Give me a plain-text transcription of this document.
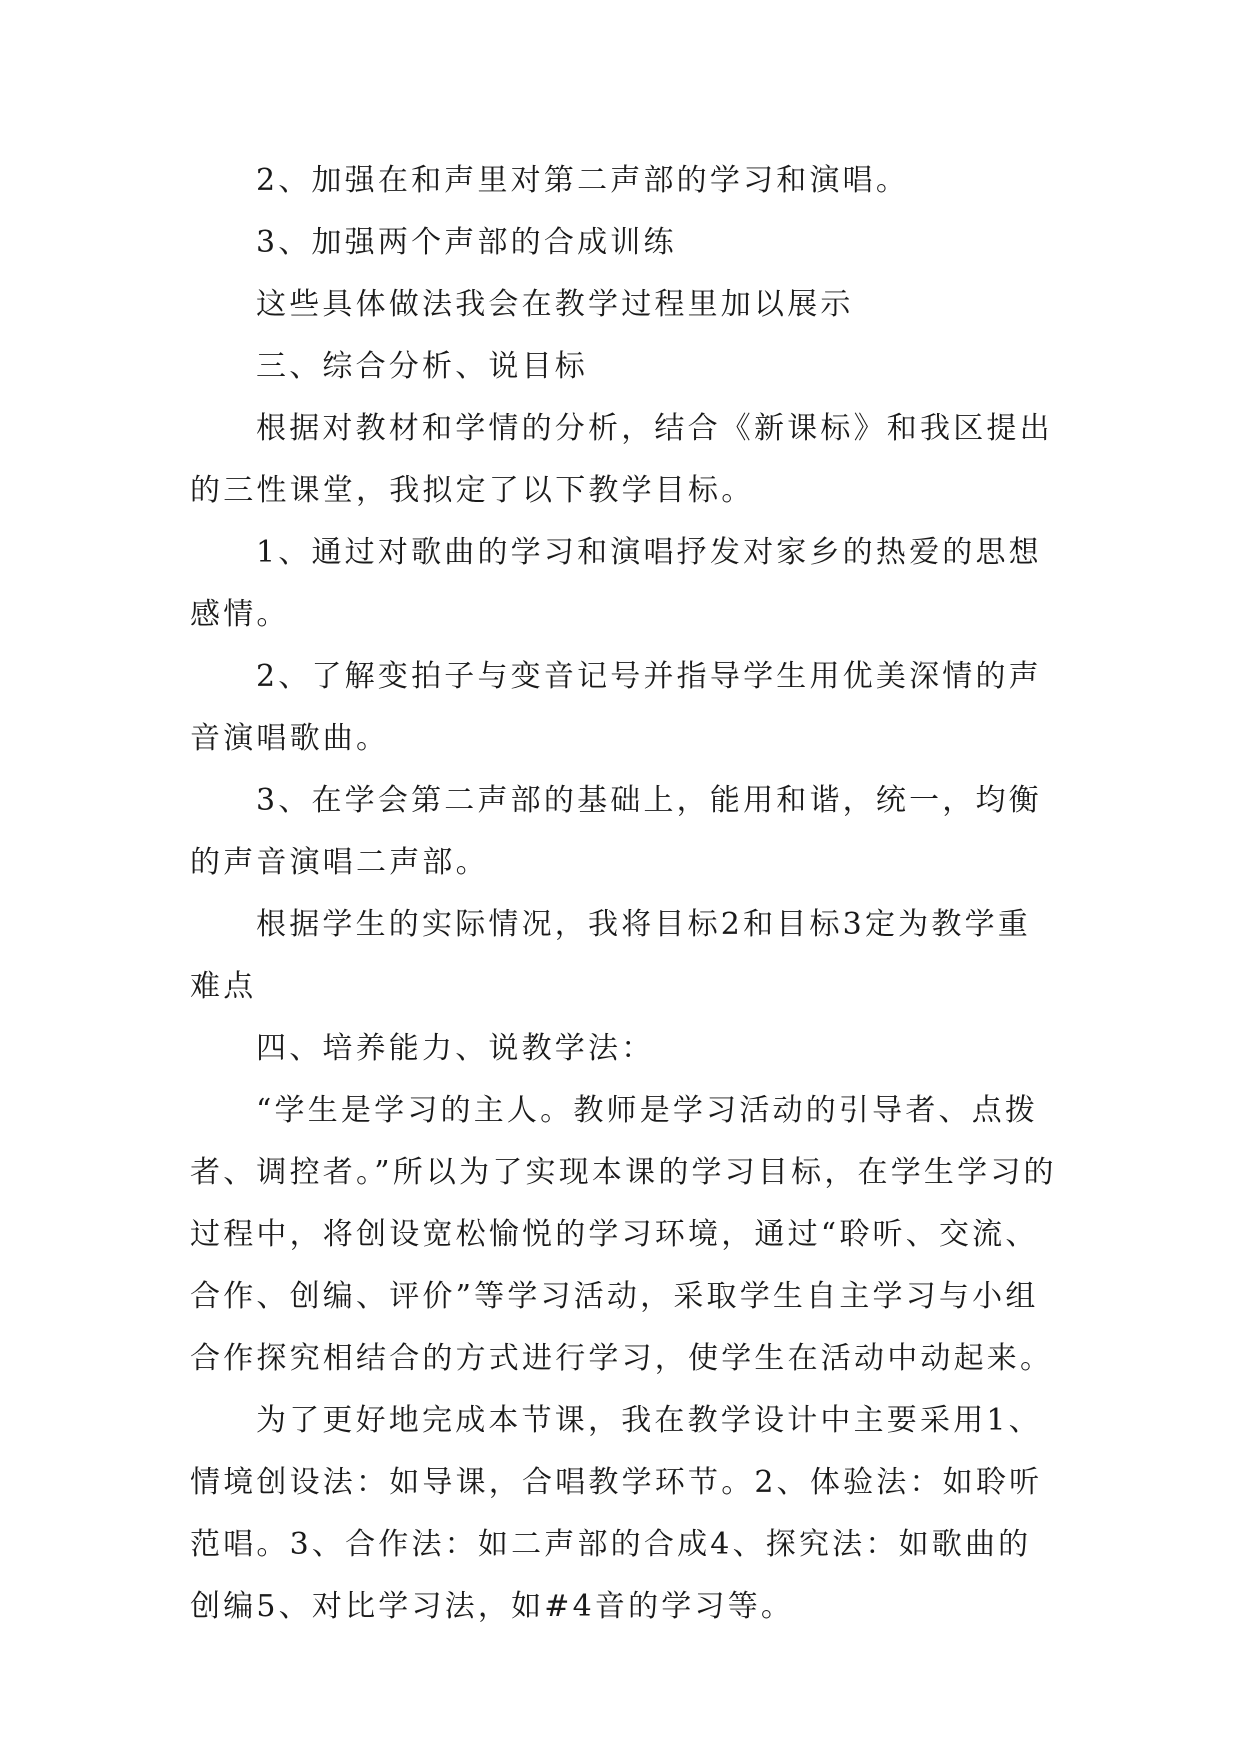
2、加强在和声里对第二声部的学习和演唱。

3、加强两个声部的合成训练

这些具体做法我会在教学过程里加以展示

三、综合分析、说目标

根据对教材和学情的分析，结合《新课标》和我区提出的三性课堂，我拟定了以下教学目标。

1、通过对歌曲的学习和演唱抒发对家乡的热爱的思想感情。

2、了解变拍子与变音记号并指导学生用优美深情的声音演唱歌曲。

3、在学会第二声部的基础上，能用和谐，统一，均衡的声音演唱二声部。

根据学生的实际情况，我将目标2和目标3定为教学重难点

四、培养能力、说教学法：

“学生是学习的主人。教师是学习活动的引导者、点拨者、调控者。”所以为了实现本课的学习目标，在学生学习的过程中，将创设宽松愉悦的学习环境，通过“聆听、交流、合作、创编、评价”等学习活动，采取学生自主学习与小组合作探究相结合的方式进行学习，使学生在活动中动起来。

为了更好地完成本节课，我在教学设计中主要采用1、情境创设法：如导课，合唱教学环节。2、体验法：如聆听范唱。3、合作法：如二声部的合成4、探究法：如歌曲的创编5、对比学习法，如#4音的学习等。
